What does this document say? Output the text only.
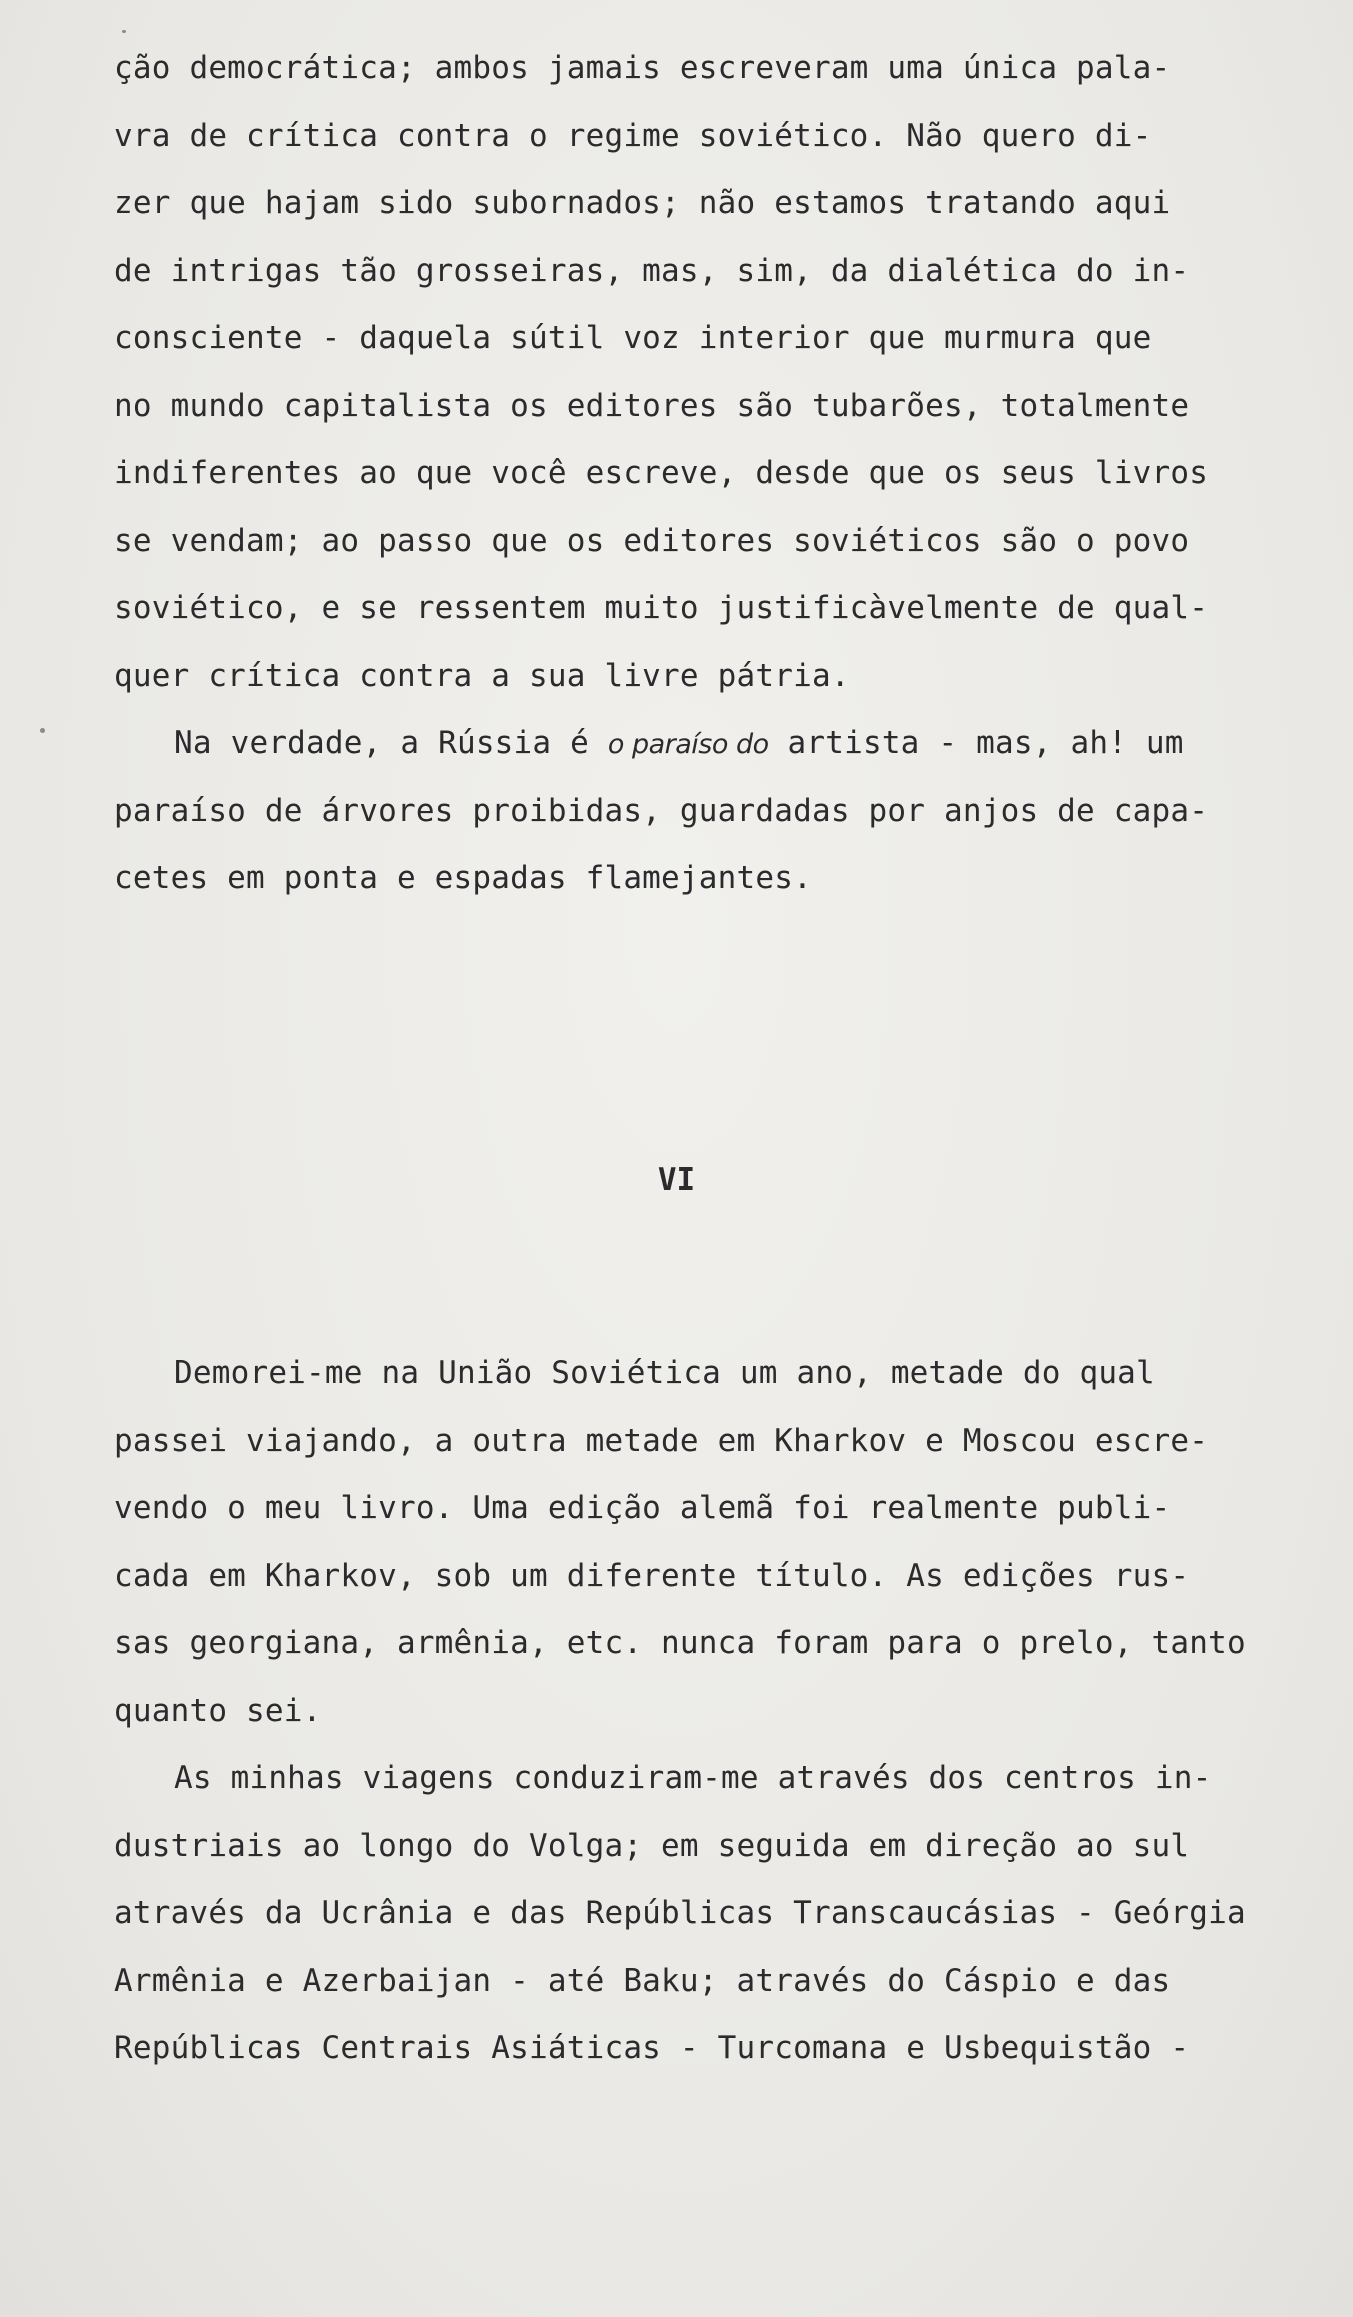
ção democrática; ambos jamais escreveram uma única pala-
vra de crítica contra o regime soviético. Não quero di-
zer que hajam sido subornados; não estamos tratando aqui
de intrigas tão grosseiras, mas, sim, da dialética do in-
consciente - daquela sútil voz interior que murmura que
no mundo capitalista os editores são tubarões, totalmente
indiferentes ao que você escreve, desde que os seus livros
se vendam; ao passo que os editores soviéticos são o povo
soviético, e se ressentem muito justificàvelmente de qual-
quer crítica contra a sua livre pátria.
Na verdade, a Rússia é o paraíso do artista - mas, ah! um
paraíso de árvores proibidas, guardadas por anjos de capa-
cetes em ponta e espadas flamejantes.
VI
Demorei-me na União Soviética um ano, metade do qual
passei viajando, a outra metade em Kharkov e Moscou escre-
vendo o meu livro. Uma edição alemã foi realmente publi-
cada em Kharkov, sob um diferente título. As edições rus-
sas georgiana, armênia, etc. nunca foram para o prelo, tanto
quanto sei.
As minhas viagens conduziram-me através dos centros in-
dustriais ao longo do Volga; em seguida em direção ao sul
através da Ucrânia e das Repúblicas Transcaucásias - Geórgia
Armênia e Azerbaijan - até Baku; através do Cáspio e das
Repúblicas Centrais Asiáticas - Turcomana e Usbequistão -
